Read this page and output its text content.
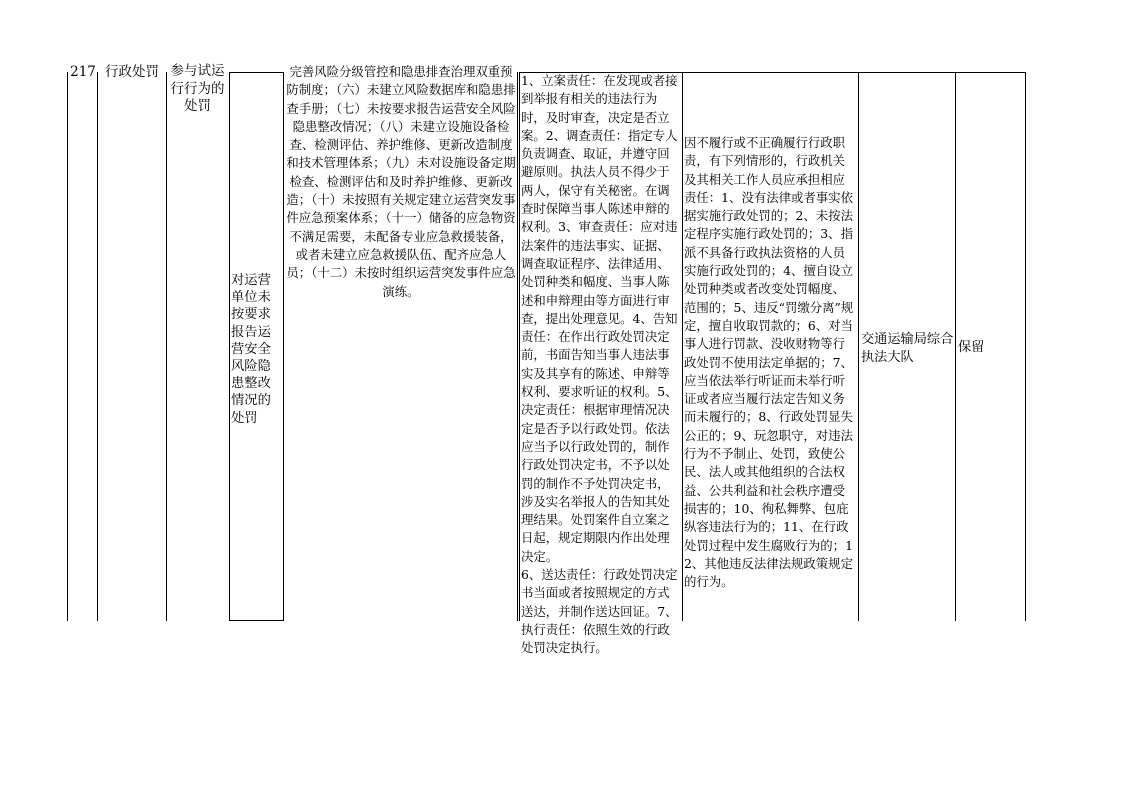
217 行政处罚 参与试运行行为的处罚
对运营单位未按要求报告运营安全风险隐患整改情况的处罚
完善风险分级管控和隐患排查治理双重预防制度；（六）未建立风险数据库和隐患排查手册；（七）未按要求报告运营安全风险隐患整改情况；（八）未建立设施设备检查、检测评估、养护维修、更新改造制度和技术管理体系；（九）未对设施设备定期检查、检测评估和及时养护维修、更新改造；（十）未按照有关规定建立运营突发事件应急预案体系；（十一）储备的应急物资不满足需要，未配备专业应急救援装备，或者未建立应急救援队伍、配齐应急人员；（十二）未按时组织运营突发事件应急演练。
1、立案责任：在发现或者接到举报有相关的违法行为时，及时审查，决定是否立案。2、调查责任：指定专人负责调查、取证，并遵守回避原则。执法人员不得少于两人，保守有关秘密。在调查时保障当事人陈述申辩的权利。3、审查责任：应对违法案件的违法事实、证据、调查取证程序、法律适用、处罚种类和幅度、当事人陈述和申辩理由等方面进行审查，提出处理意见。4、告知责任：在作出行政处罚决定前，书面告知当事人违法事实及其享有的陈述、申辩等权利、要求听证的权利。5、决定责任：根据审理情况决定是否予以行政处罚。依法应当予以行政处罚的，制作行政处罚决定书，不予以处罚的制作不予处罚决定书，涉及实名举报人的告知其处理结果。处罚案件自立案之日起，规定期限内作出处理决定。
6、送达责任：行政处罚决定书当面或者按照规定的方式送达，并制作送达回证。7、执行责任：依照生效的行政处罚决定执行。
因不履行或不正确履行行政职责，有下列情形的，行政机关及其相关工作人员应承担相应责任：1、没有法律或者事实依据实施行政处罚的；2、未按法定程序实施行政处罚的；3、指派不具备行政执法资格的人员实施行政处罚的；4、擅自设立处罚种类或者改变处罚幅度、范围的；5、违反“罚缴分离”规定，擅自收取罚款的；6、对当事人进行罚款、没收财物等行政处罚不使用法定单据的；7、应当依法举行听证而未举行听证或者应当履行法定告知义务而未履行的；8、行政处罚显失公正的；9、玩忽职守，对违法行为不予制止、处罚，致使公民、法人或其他组织的合法权益、公共利益和社会秩序遭受损害的；10、徇私舞弊、包庇纵容违法行为的；11、在行政处罚过程中发生腐败行为的；12、其他违反法律法规政策规定的行为。
交通运输局综合执法大队
保留
